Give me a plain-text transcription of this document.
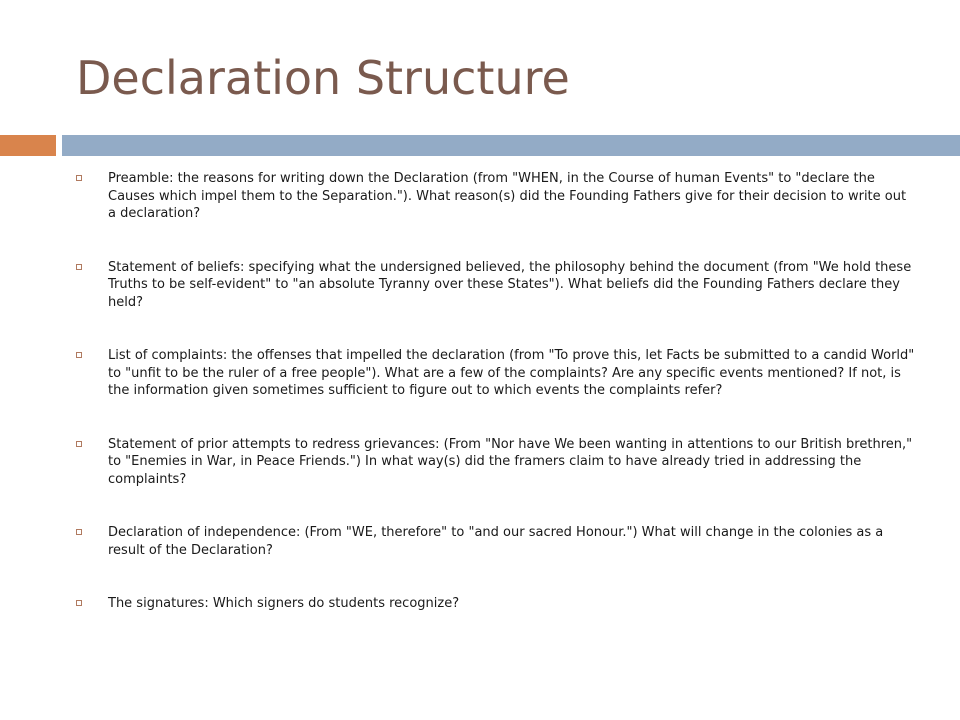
Declaration Structure
Preamble: the reasons for writing down the Declaration (from "WHEN, in the Course of human Events" to "declare the Causes which impel them to the Separation."). What reason(s) did the Founding Fathers give for their decision to write out a declaration?
Statement of beliefs: specifying what the undersigned believed, the philosophy behind the document (from "We hold these Truths to be self-evident" to "an absolute Tyranny over these States"). What beliefs did the Founding Fathers declare they held?
List of complaints: the offenses that impelled the declaration (from "To prove this, let Facts be submitted to a candid World" to "unfit to be the ruler of a free people"). What are a few of the complaints? Are any specific events mentioned? If not, is the information given sometimes sufficient to figure out to which events the complaints refer?
Statement of prior attempts to redress grievances: (From "Nor have We been wanting in attentions to our British brethren," to "Enemies in War, in Peace Friends.") In what way(s) did the framers claim to have already tried in addressing the complaints?
Declaration of independence: (From "WE, therefore" to "and our sacred Honour.") What will change in the colonies as a result of the Declaration?
The signatures: Which signers do students recognize?
